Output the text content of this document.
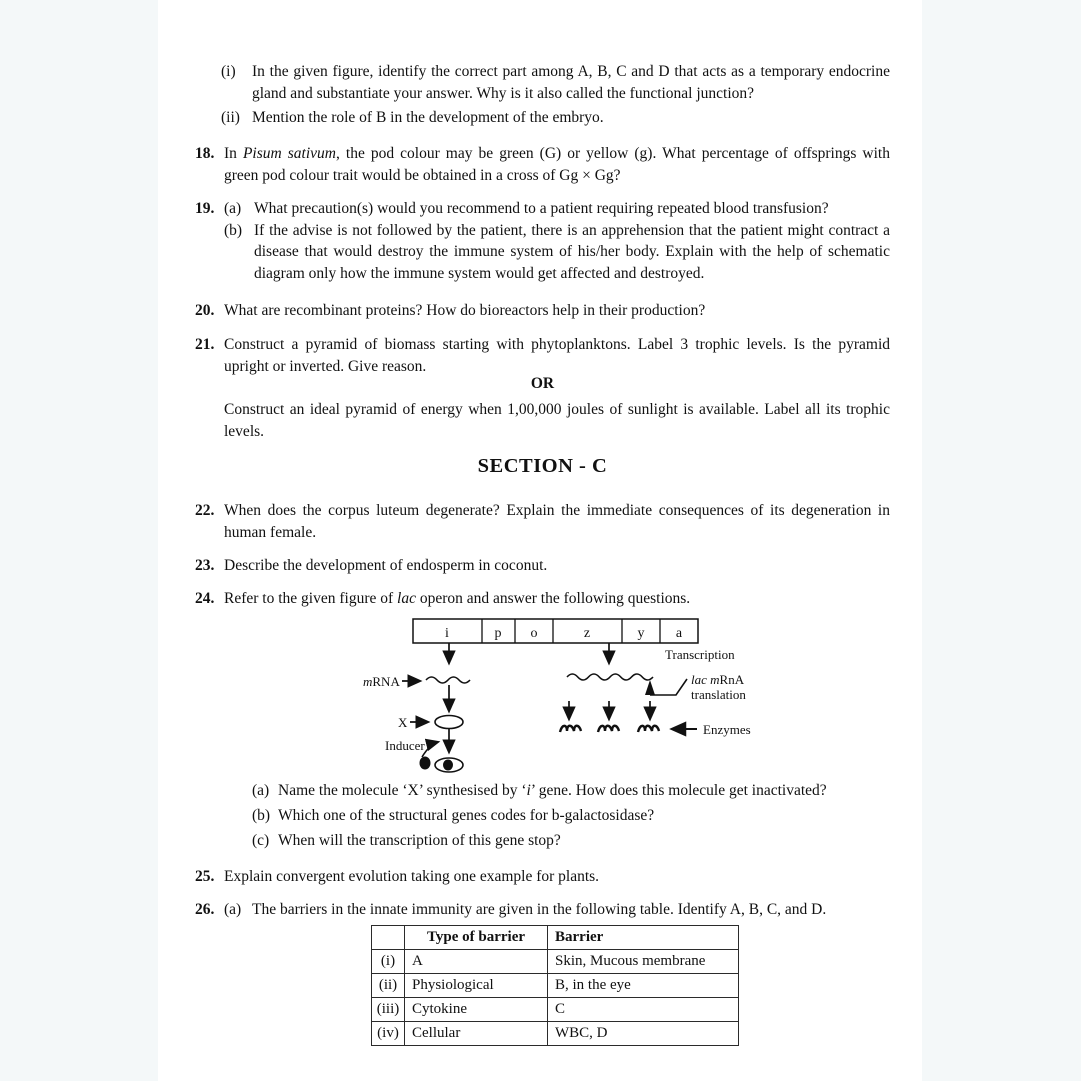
(i)	In the given figure, identify the correct part among A, B, C and D that acts as a temporary endocrine gland and substantiate your answer. Why is it also called the functional junction?
(ii) Mention the role of B in the development of the embryo.
18. In Pisum sativum, the pod colour may be green (G) or yellow (g). What percentage of offsprings with green pod colour trait would be obtained in a cross of Gg × Gg?
19. (a) What precaution(s) would you recommend to a patient requiring repeated blood transfusion?
(b) If the advise is not followed by the patient, there is an apprehension that the patient might contract a disease that would destroy the immune system of his/her body. Explain with the help of schematic diagram only how the immune system would get affected and destroyed.
20. What are recombinant proteins? How do bioreactors help in their production?
21. Construct a pyramid of biomass starting with phytoplanktons. Label 3 trophic levels. Is the pyramid upright or inverted. Give reason.
OR
Construct an ideal pyramid of energy when 1,00,000 joules of sunlight is available. Label all its trophic levels.
SECTION - C
22. When does the corpus luteum degenerate? Explain the immediate consequences of its degeneration in human female.
23. Describe the development of endosperm in coconut.
24. Refer to the given figure of lac operon and answer the following questions.
i	p o	z	y a
Transcription
mRNA
X
Inducer
lac mRnA
translation
Enzymes
(a) Name the molecule ‘X’ synthesised by ‘i’ gene. How does this molecule get inactivated?
(b) Which one of the structural genes codes for b-galactosidase?
(c) When will the transcription of this gene stop?
25. Explain convergent evolution taking one example for plants.
26. (a) The barriers in the innate immunity are given in the following table. Identify A, B, C, and D.
	Type of barrier	Barrier
(i)	A	Skin, Mucous membrane
(ii)	Physiological	B, in the eye
(iii)	Cytokine	C
(iv)	Cellular	WBC, D
